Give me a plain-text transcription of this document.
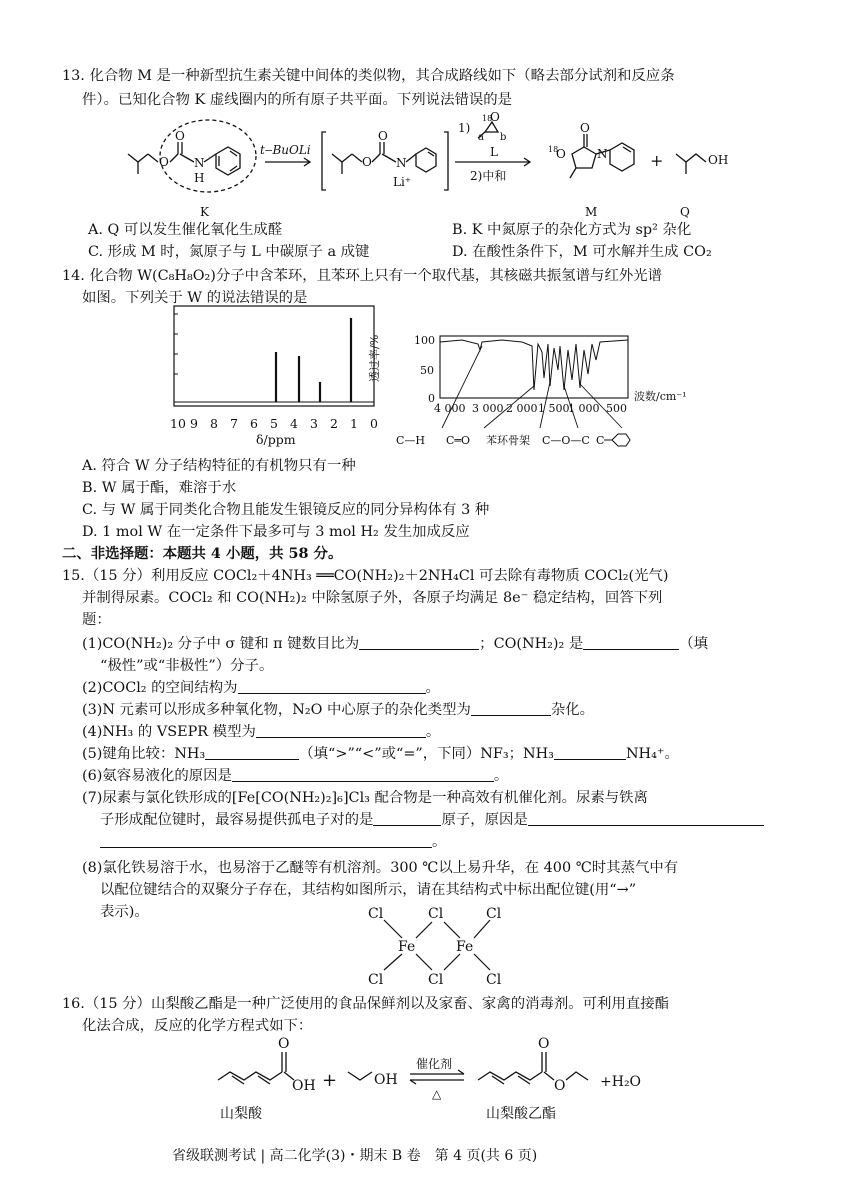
13. 化合物 M 是一种新型抗生素关键中间体的类似物，其合成路线如下（略去部分试剂和反应条
件）。已知化合物 K 虚线圈内的所有原子共平面。下列说法错误的是
O
O
N
H
K
t‒BuOLi
O
O
N
Li⁺
1)
18
O
a b
L
2)中和
18
O
O
N
M
+	OH
Q
A. Q 可以发生催化氧化生成醛	B. K 中氮原子的杂化方式为 sp² 杂化
C. 形成 M 时，氮原子与 L 中碳原子 a 成键	D. 在酸性条件下，M 可水解并生成 CO₂
14. 化合物 W(C₈H₈O₂)分子中含苯环，且苯环上只有一个取代基，其核磁共振氢谱与红外光谱
如图。下列关于 W 的说法错误的是
10 9 8 7 6 5 4 3 2 1 0
δ/ppm
透过率/%	100
50
0
4 000 3 000 2 000 1 500
1 000 500
波数/cm⁻¹
C—H C═O 苯环骨架 C—O—C C
A. 符合 W 分子结构特征的有机物只有一种
B. W 属于酯，难溶于水
C. 与 W 属于同类化合物且能发生银镜反应的同分异构体有 3 种
D. 1 mol W 在一定条件下最多可与 3 mol H₂ 发生加成反应
二、非选择题：本题共 4 小题，共 58 分。
15.（15 分）利用反应 COCl₂＋4NH₃ ══CO(NH₂)₂＋2NH₄Cl 可去除有毒物质 COCl₂(光气)
并制得尿素。COCl₂ 和 CO(NH₂)₂ 中除氢原子外，各原子均满足 8e⁻ 稳定结构，回答下列
题：
(1)CO(NH₂)₂ 分子中 σ 键和 π 键数目比为	；CO(NH₂)₂ 是	（填
“极性”或“非极性”）分子。
(2)COCl₂ 的空间结构为	。
(3)N 元素可以形成多种氧化物，N₂O 中心原子的杂化类型为	杂化。
(4)NH₃ 的 VSEPR 模型为	。
(5)键角比较：NH₃	（填“>”“<”或“=”，下同）NF₃；NH₃	NH₄⁺。
(6)氨容易液化的原因是	。
(7)尿素与氯化铁形成的[Fe[CO(NH₂)₂]₆]Cl₃ 配合物是一种高效有机催化剂。尿素与铁离
子形成配位键时，最容易提供孤电子对的是	原子，原因是
。
(8)氯化铁易溶于水，也易溶于乙醚等有机溶剂。300 ℃以上易升华，在 400 ℃时其蒸气中有
以配位键结合的双聚分子存在，其结构如图所示，请在其结构式中标出配位键(用“→”
表示)。	Cl	Cl	Cl
Fe	Fe
Cl	Cl	Cl
16.（15 分）山梨酸乙酯是一种广泛使用的食品保鲜剂以及家畜、家禽的消毒剂。可利用直接酯
化法合成，反应的化学方程式如下：
O
OH +	OH
催化剂
△
O
O +H₂O
山梨酸	山梨酸乙酯
省级联测考试 | 高二化学(3)・期末 B 卷　第 4 页(共 6 页)
